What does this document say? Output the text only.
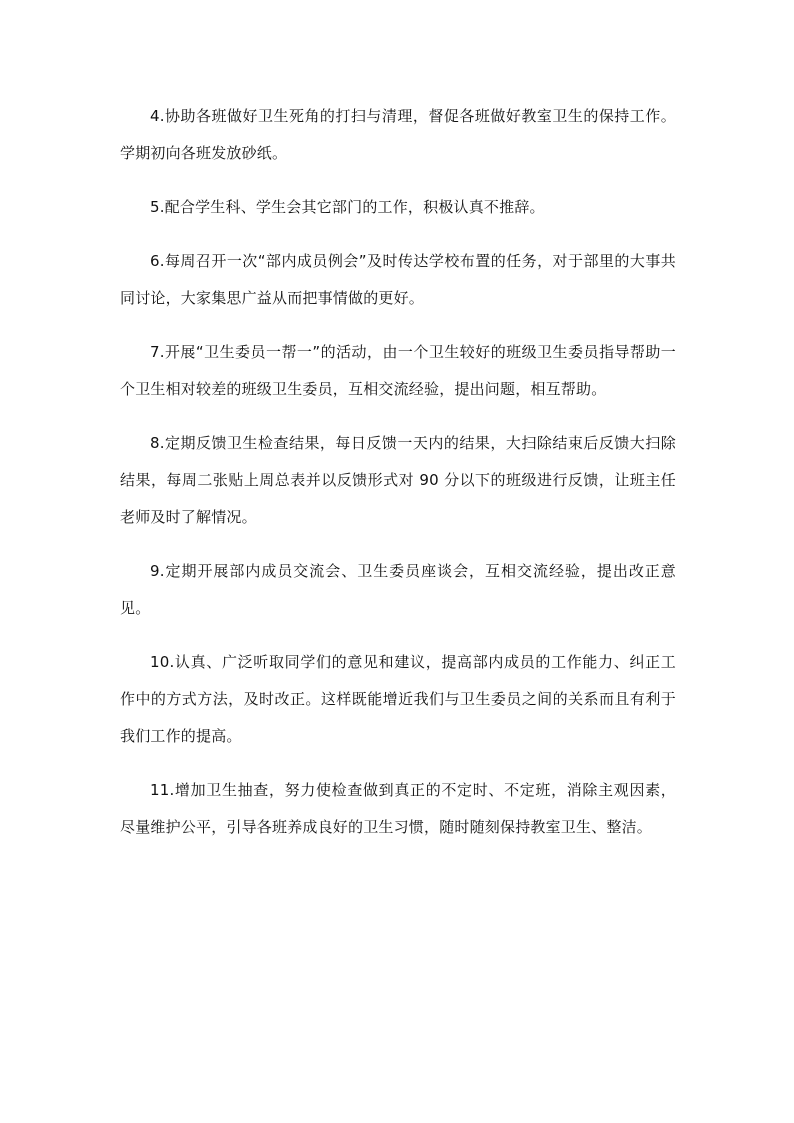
4.协助各班做好卫生死角的打扫与清理，督促各班做好教室卫生的保持工作。学期初向各班发放砂纸。

5.配合学生科、学生会其它部门的工作，积极认真不推辞。

6.每周召开一次“部内成员例会”及时传达学校布置的任务，对于部里的大事共同讨论，大家集思广益从而把事情做的更好。

7.开展“卫生委员一帮一”的活动，由一个卫生较好的班级卫生委员指导帮助一个卫生相对较差的班级卫生委员，互相交流经验，提出问题，相互帮助。

8.定期反馈卫生检查结果，每日反馈一天内的结果，大扫除结束后反馈大扫除结果，每周二张贴上周总表并以反馈形式对 90 分以下的班级进行反馈，让班主任老师及时了解情况。

9.定期开展部内成员交流会、卫生委员座谈会，互相交流经验，提出改正意见。

10.认真、广泛听取同学们的意见和建议，提高部内成员的工作能力、纠正工作中的方式方法，及时改正。这样既能增近我们与卫生委员之间的关系而且有利于我们工作的提高。

11.增加卫生抽查，努力使检查做到真正的不定时、不定班，消除主观因素，尽量维护公平，引导各班养成良好的卫生习惯，随时随刻保持教室卫生、整洁。
